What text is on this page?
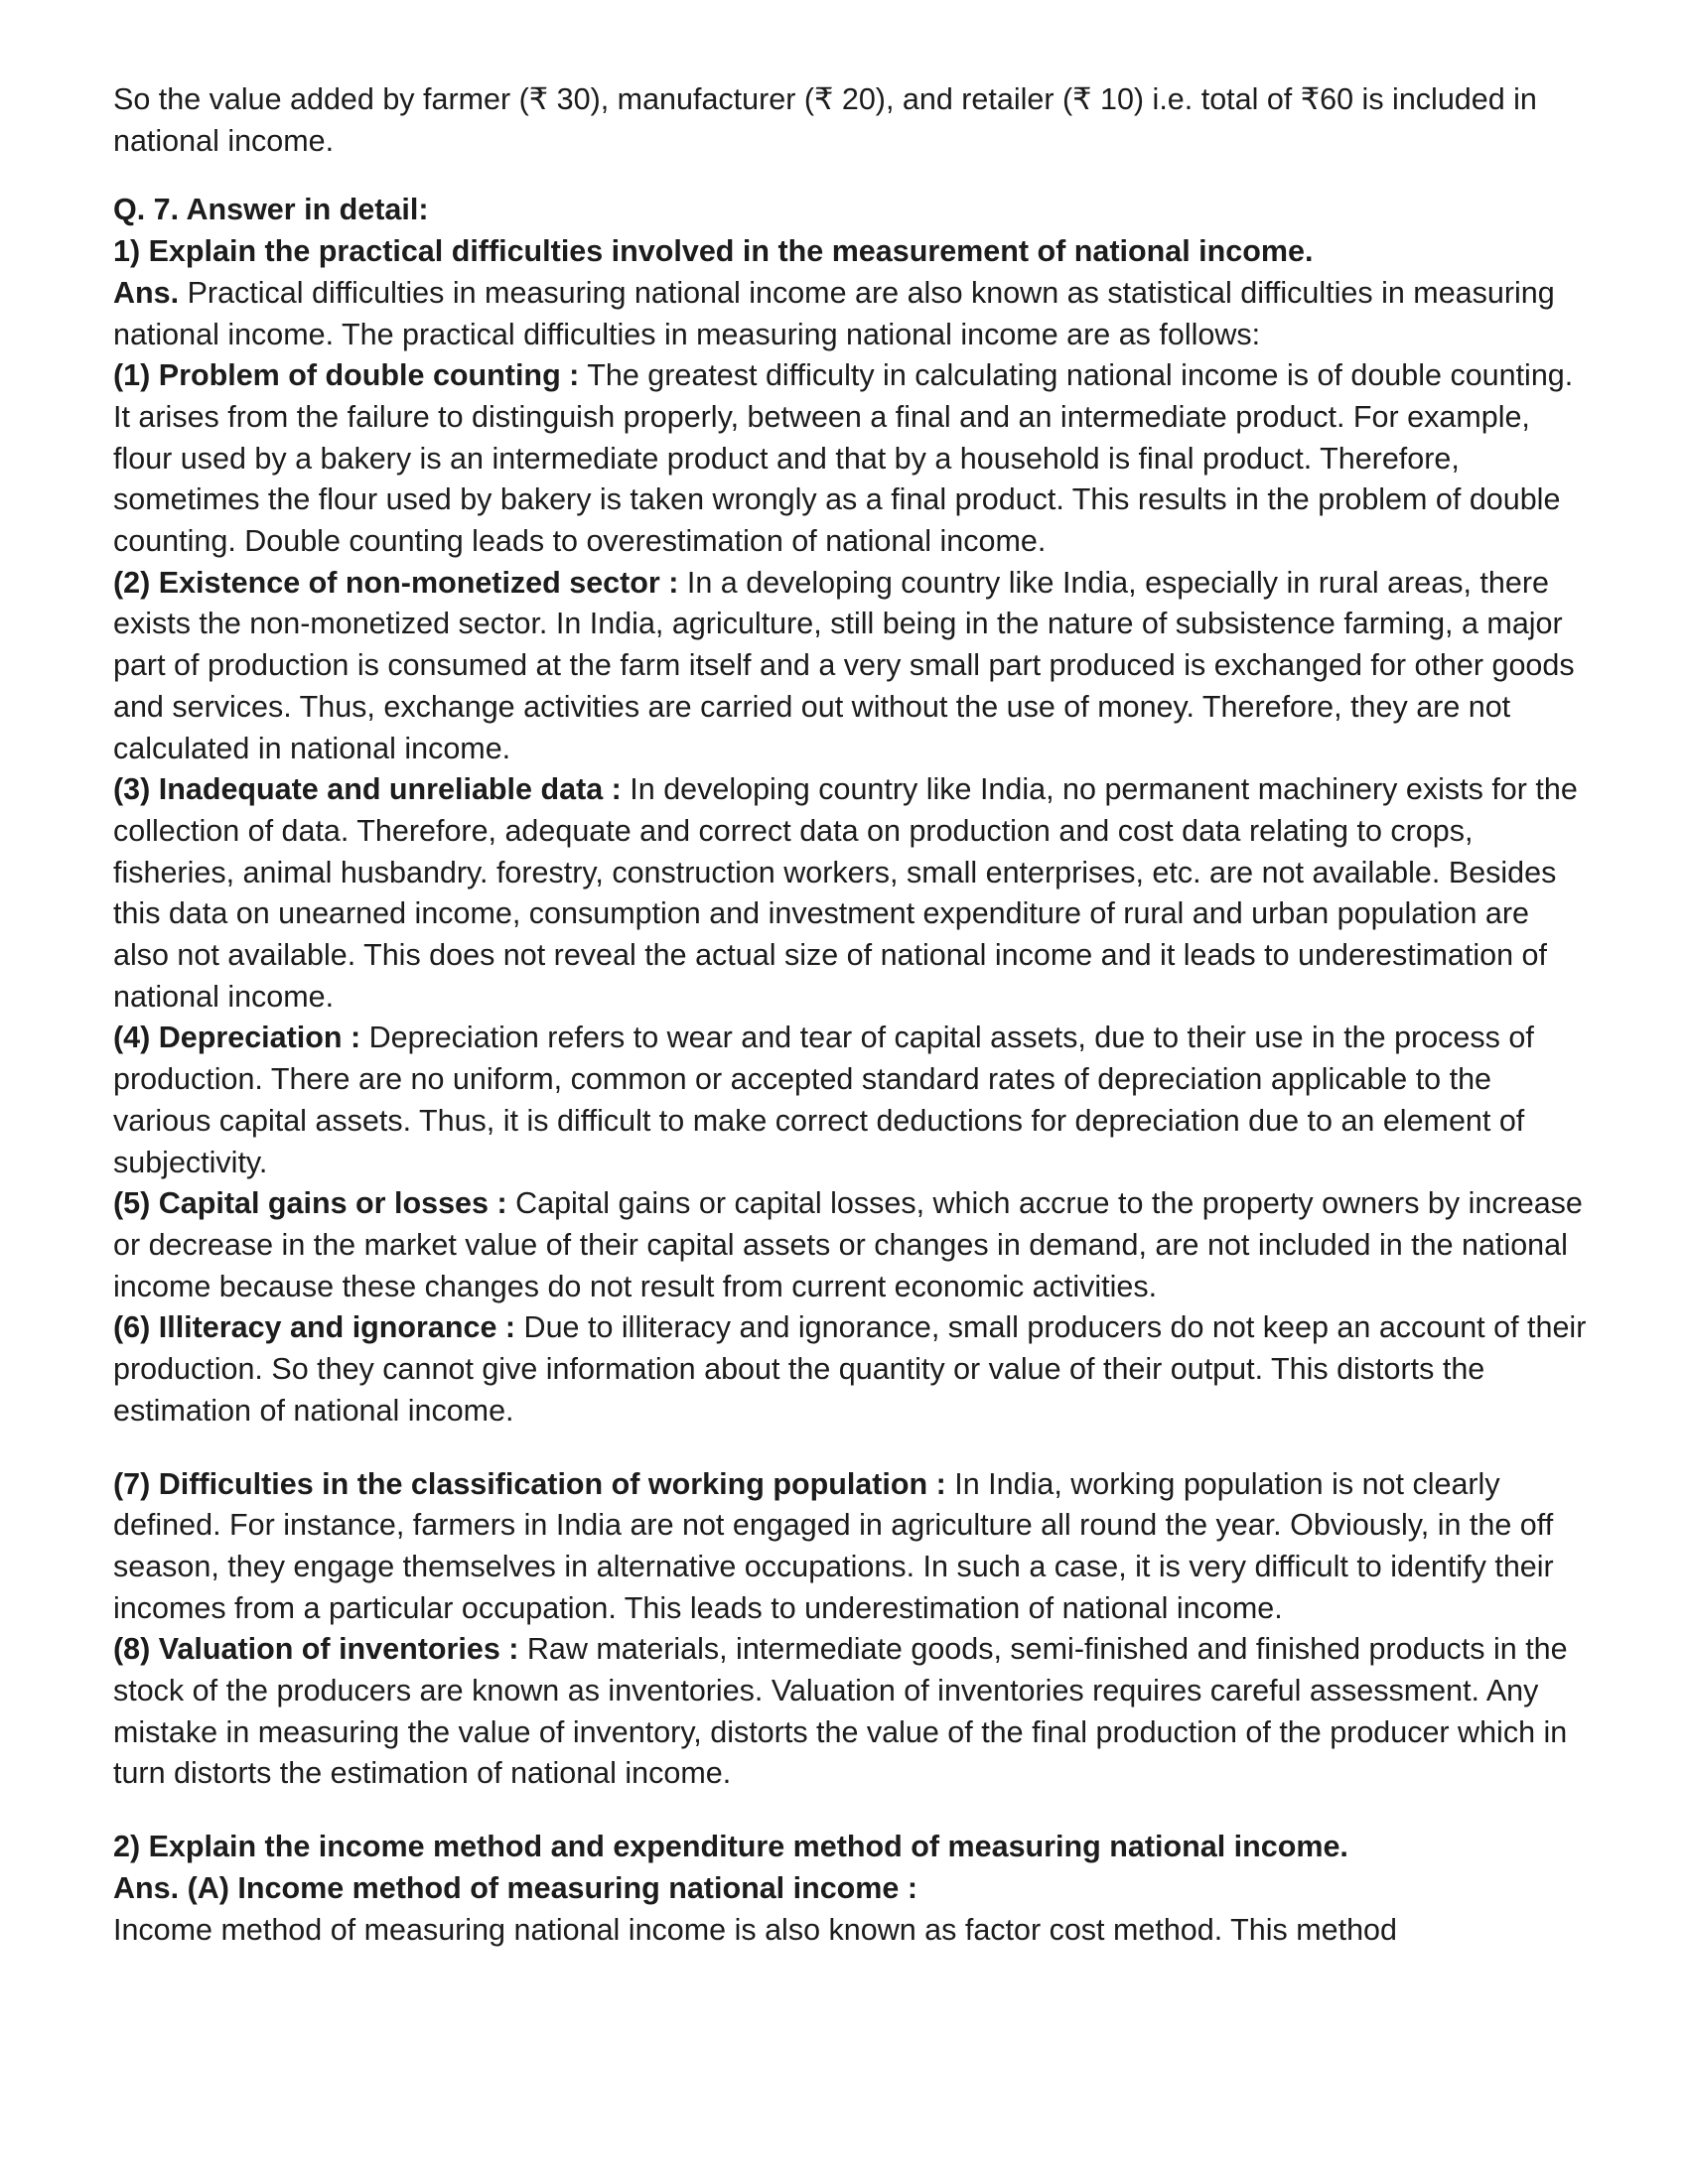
So the value added by farmer (₹ 30), manufacturer (₹ 20), and retailer (₹ 10) i.e. total of ₹60 is included in national income.

Q. 7. Answer in detail:

1) Explain the practical difficulties involved in the measurement of national income.

Ans. Practical difficulties in measuring national income are also known as statistical difficulties in measuring national income. The practical difficulties in measuring national income are as follows:

(1) Problem of double counting : The greatest difficulty in calculating national income is of double counting. It arises from the failure to distinguish properly, between a final and an intermediate product. For example, flour used by a bakery is an intermediate product and that by a household is final product. Therefore, sometimes the flour used by bakery is taken wrongly as a final product. This results in the problem of double counting. Double counting leads to overestimation of national income.

(2) Existence of non-monetized sector : In a developing country like India, especially in rural areas, there exists the non-monetized sector. In India, agriculture, still being in the nature of subsistence farming, a major part of production is consumed at the farm itself and a very small part produced is exchanged for other goods and services. Thus, exchange activities are carried out without the use of money. Therefore, they are not calculated in national income.

(3) Inadequate and unreliable data : In developing country like India, no permanent machinery exists for the collection of data. Therefore, adequate and correct data on production and cost data relating to crops, fisheries, animal husbandry. forestry, construction workers, small enterprises, etc. are not available. Besides this data on unearned income, consumption and investment expenditure of rural and urban population are also not available. This does not reveal the actual size of national income and it leads to underestimation of national income.

(4) Depreciation : Depreciation refers to wear and tear of capital assets, due to their use in the process of production. There are no uniform, common or accepted standard rates of depreciation applicable to the various capital assets. Thus, it is difficult to make correct deductions for depreciation due to an element of subjectivity.

(5) Capital gains or losses : Capital gains or capital losses, which accrue to the property owners by increase or decrease in the market value of their capital assets or changes in demand, are not included in the national income because these changes do not result from current economic activities.

(6) Illiteracy and ignorance : Due to illiteracy and ignorance, small producers do not keep an account of their production. So they cannot give information about the quantity or value of their output. This distorts the estimation of national income.

(7) Difficulties in the classification of working population : In India, working population is not clearly defined. For instance, farmers in India are not engaged in agriculture all round the year. Obviously, in the off season, they engage themselves in alternative occupations. In such a case, it is very difficult to identify their incomes from a particular occupation. This leads to underestimation of national income.

(8) Valuation of inventories : Raw materials, intermediate goods, semi-finished and finished products in the stock of the producers are known as inventories. Valuation of inventories requires careful assessment. Any mistake in measuring the value of inventory, distorts the value of the final production of the producer which in turn distorts the estimation of national income.

2) Explain the income method and expenditure method of measuring national income.

Ans. (A) Income method of measuring national income :

Income method of measuring national income is also known as factor cost method. This method
